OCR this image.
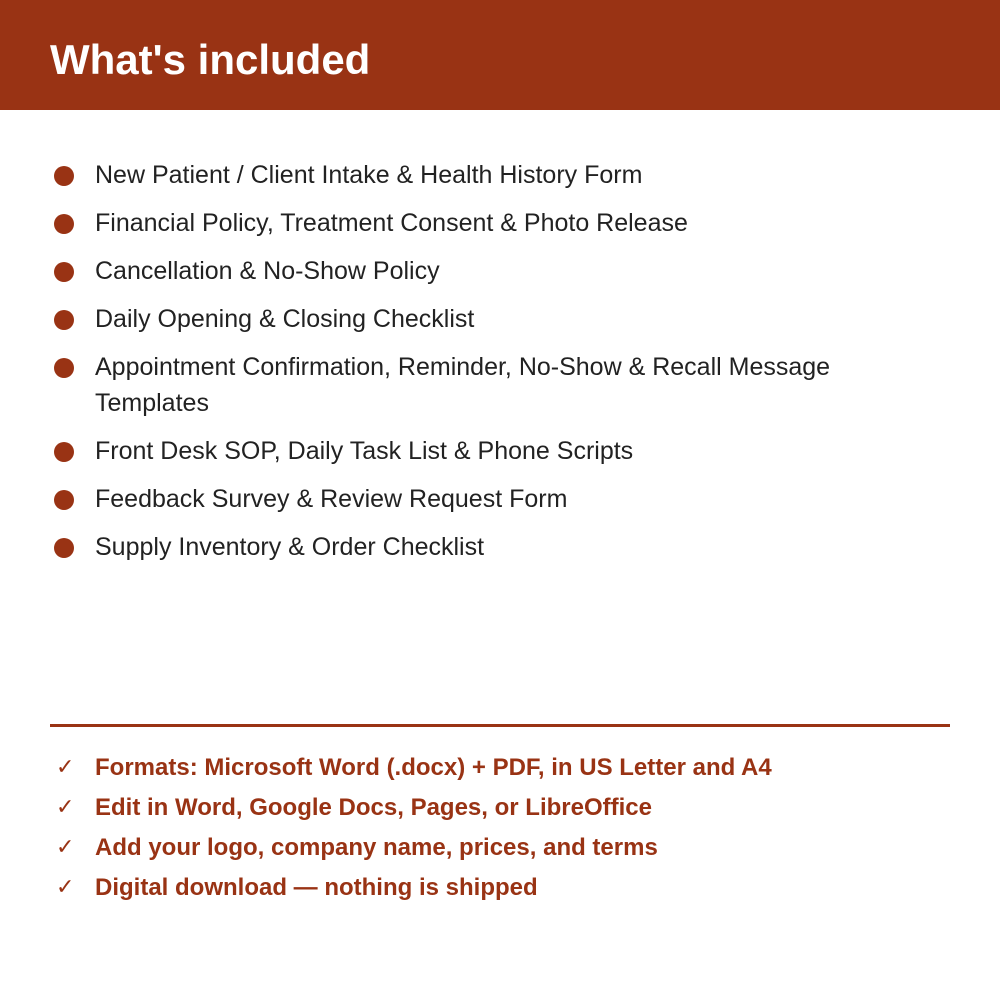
What's included
New Patient / Client Intake & Health History Form
Financial Policy, Treatment Consent & Photo Release
Cancellation & No-Show Policy
Daily Opening & Closing Checklist
Appointment Confirmation, Reminder, No-Show & Recall Message Templates
Front Desk SOP, Daily Task List & Phone Scripts
Feedback Survey & Review Request Form
Supply Inventory & Order Checklist
✓ Formats: Microsoft Word (.docx) + PDF, in US Letter and A4
✓ Edit in Word, Google Docs, Pages, or LibreOffice
✓ Add your logo, company name, prices, and terms
✓ Digital download — nothing is shipped
